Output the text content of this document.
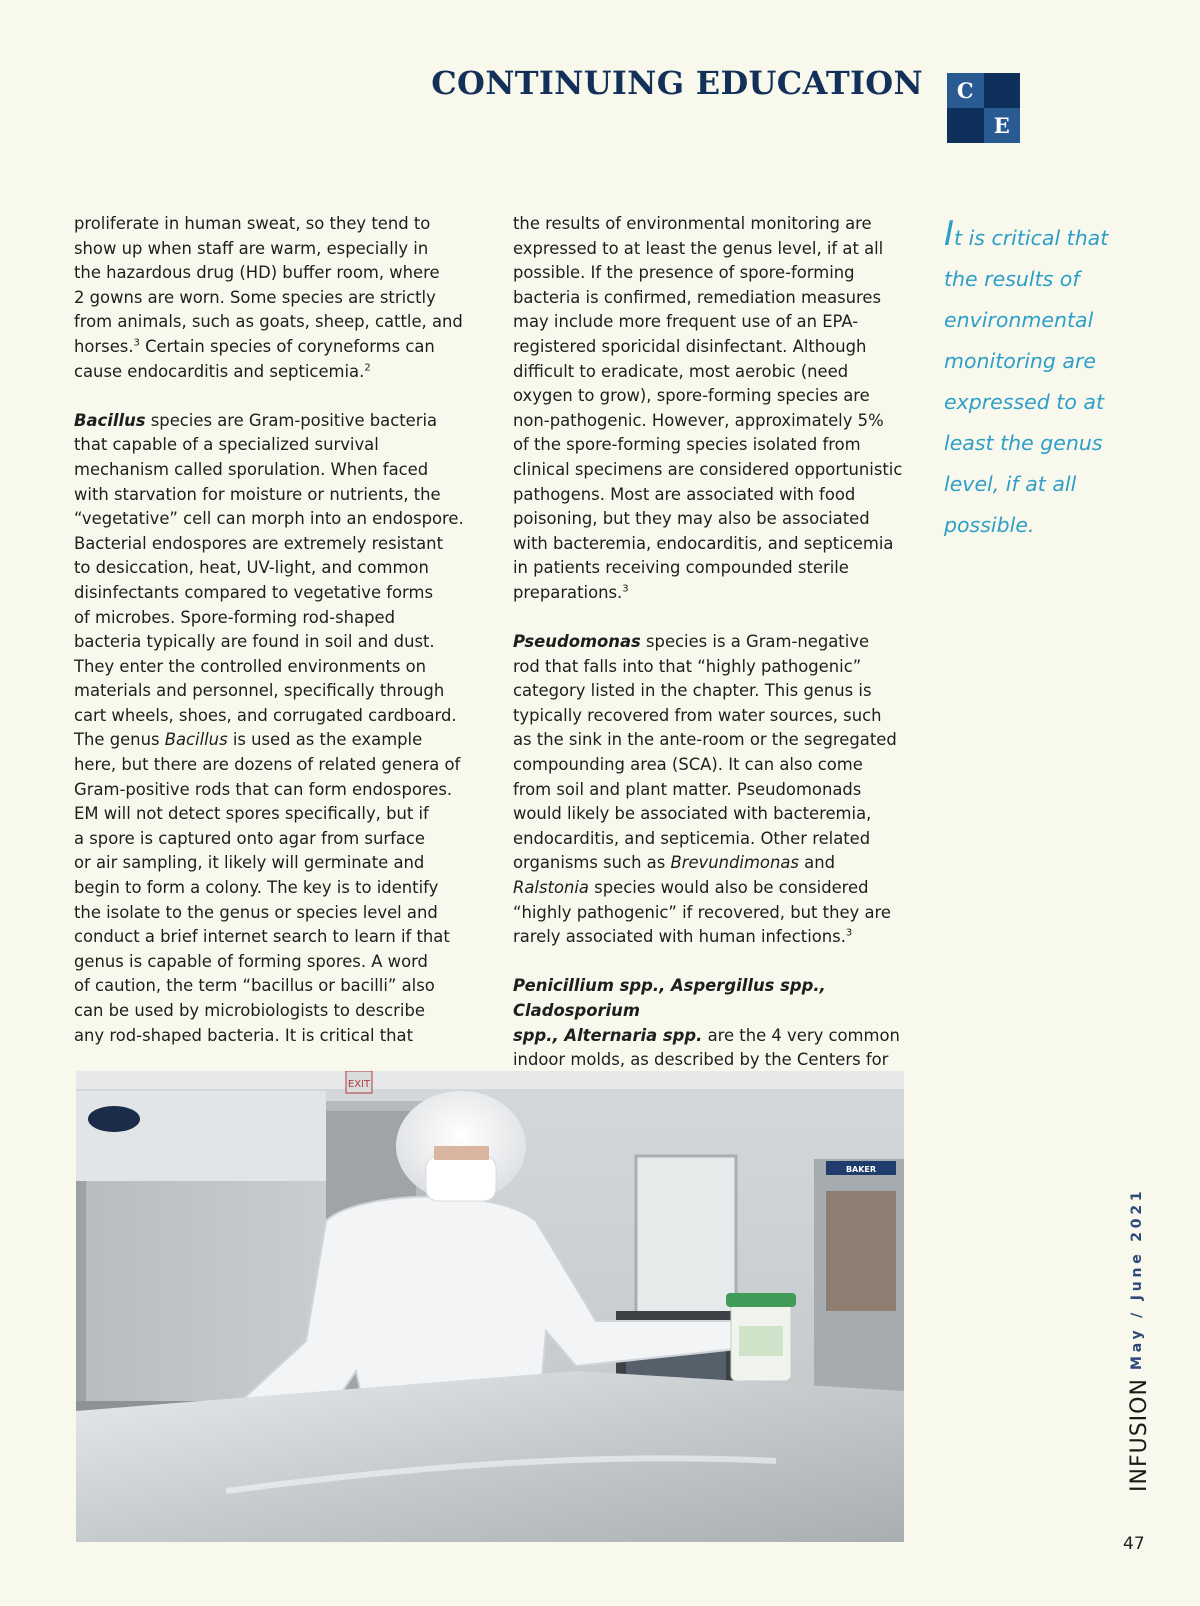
CONTINUING EDUCATION	C
E

proliferate in human sweat, so they tend to
show up when staff are warm, especially in
the hazardous drug (HD) buffer room, where
2 gowns are worn. Some species are strictly
from animals, such as goats, sheep, cattle, and
horses.$^3$ Certain species of coryneforms can
cause endocarditis and septicemia.$^2$

Bacillus species are Gram-positive bacteria
that capable of a specialized survival
mechanism called sporulation. When faced
with starvation for moisture or nutrients, the
“vegetative” cell can morph into an endospore.
Bacterial endospores are extremely resistant
to desiccation, heat, UV-light, and common
disinfectants compared to vegetative forms
of microbes. Spore-forming rod-shaped
bacteria typically are found in soil and dust.
They enter the controlled environments on
materials and personnel, specifically through
cart wheels, shoes, and corrugated cardboard.
The genus Bacillus is used as the example
here, but there are dozens of related genera of
Gram-positive rods that can form endospores.
EM will not detect spores specifically, but if
a spore is captured onto agar from surface
or air sampling, it likely will germinate and
begin to form a colony. The key is to identify
the isolate to the genus or species level and
conduct a brief internet search to learn if that
genus is capable of forming spores. A word
of caution, the term “bacillus or bacilli” also
can be used by microbiologists to describe
any rod-shaped bacteria. It is critical that

the results of environmental monitoring are
expressed to at least the genus level, if at all
possible. If the presence of spore-forming
bacteria is confirmed, remediation measures
may include more frequent use of an EPA-
registered sporicidal disinfectant. Although
difficult to eradicate, most aerobic (need
oxygen to grow), spore-forming species are
non-pathogenic. However, approximately 5%
of the spore-forming species isolated from
clinical specimens are considered opportunistic
pathogens. Most are associated with food
poisoning, but they may also be associated
with bacteremia, endocarditis, and septicemia
in patients receiving compounded sterile
preparations.$^3$

Pseudomonas species is a Gram-negative
rod that falls into that “highly pathogenic”
category listed in the chapter. This genus is
typically recovered from water sources, such
as the sink in the ante-room or the segregated
compounding area (SCA). It can also come
from soil and plant matter. Pseudomonads
would likely be associated with bacteremia,
endocarditis, and septicemia. Other related
organisms such as Brevundimonas and
Ralstonia species would also be considered
“highly pathogenic” if recovered, but they are
rarely associated with human infections.$^3$

Penicillium spp., Aspergillus spp., Cladosporium
spp., Alternaria spp. are the 4 very common
indoor molds, as described by the Centers for

It is critical that
the results of
environmental
monitoring are
expressed to at
least the genus
level, if at all
possible.
EXIT
BAKER
May / June 2021
INFUSION
47
